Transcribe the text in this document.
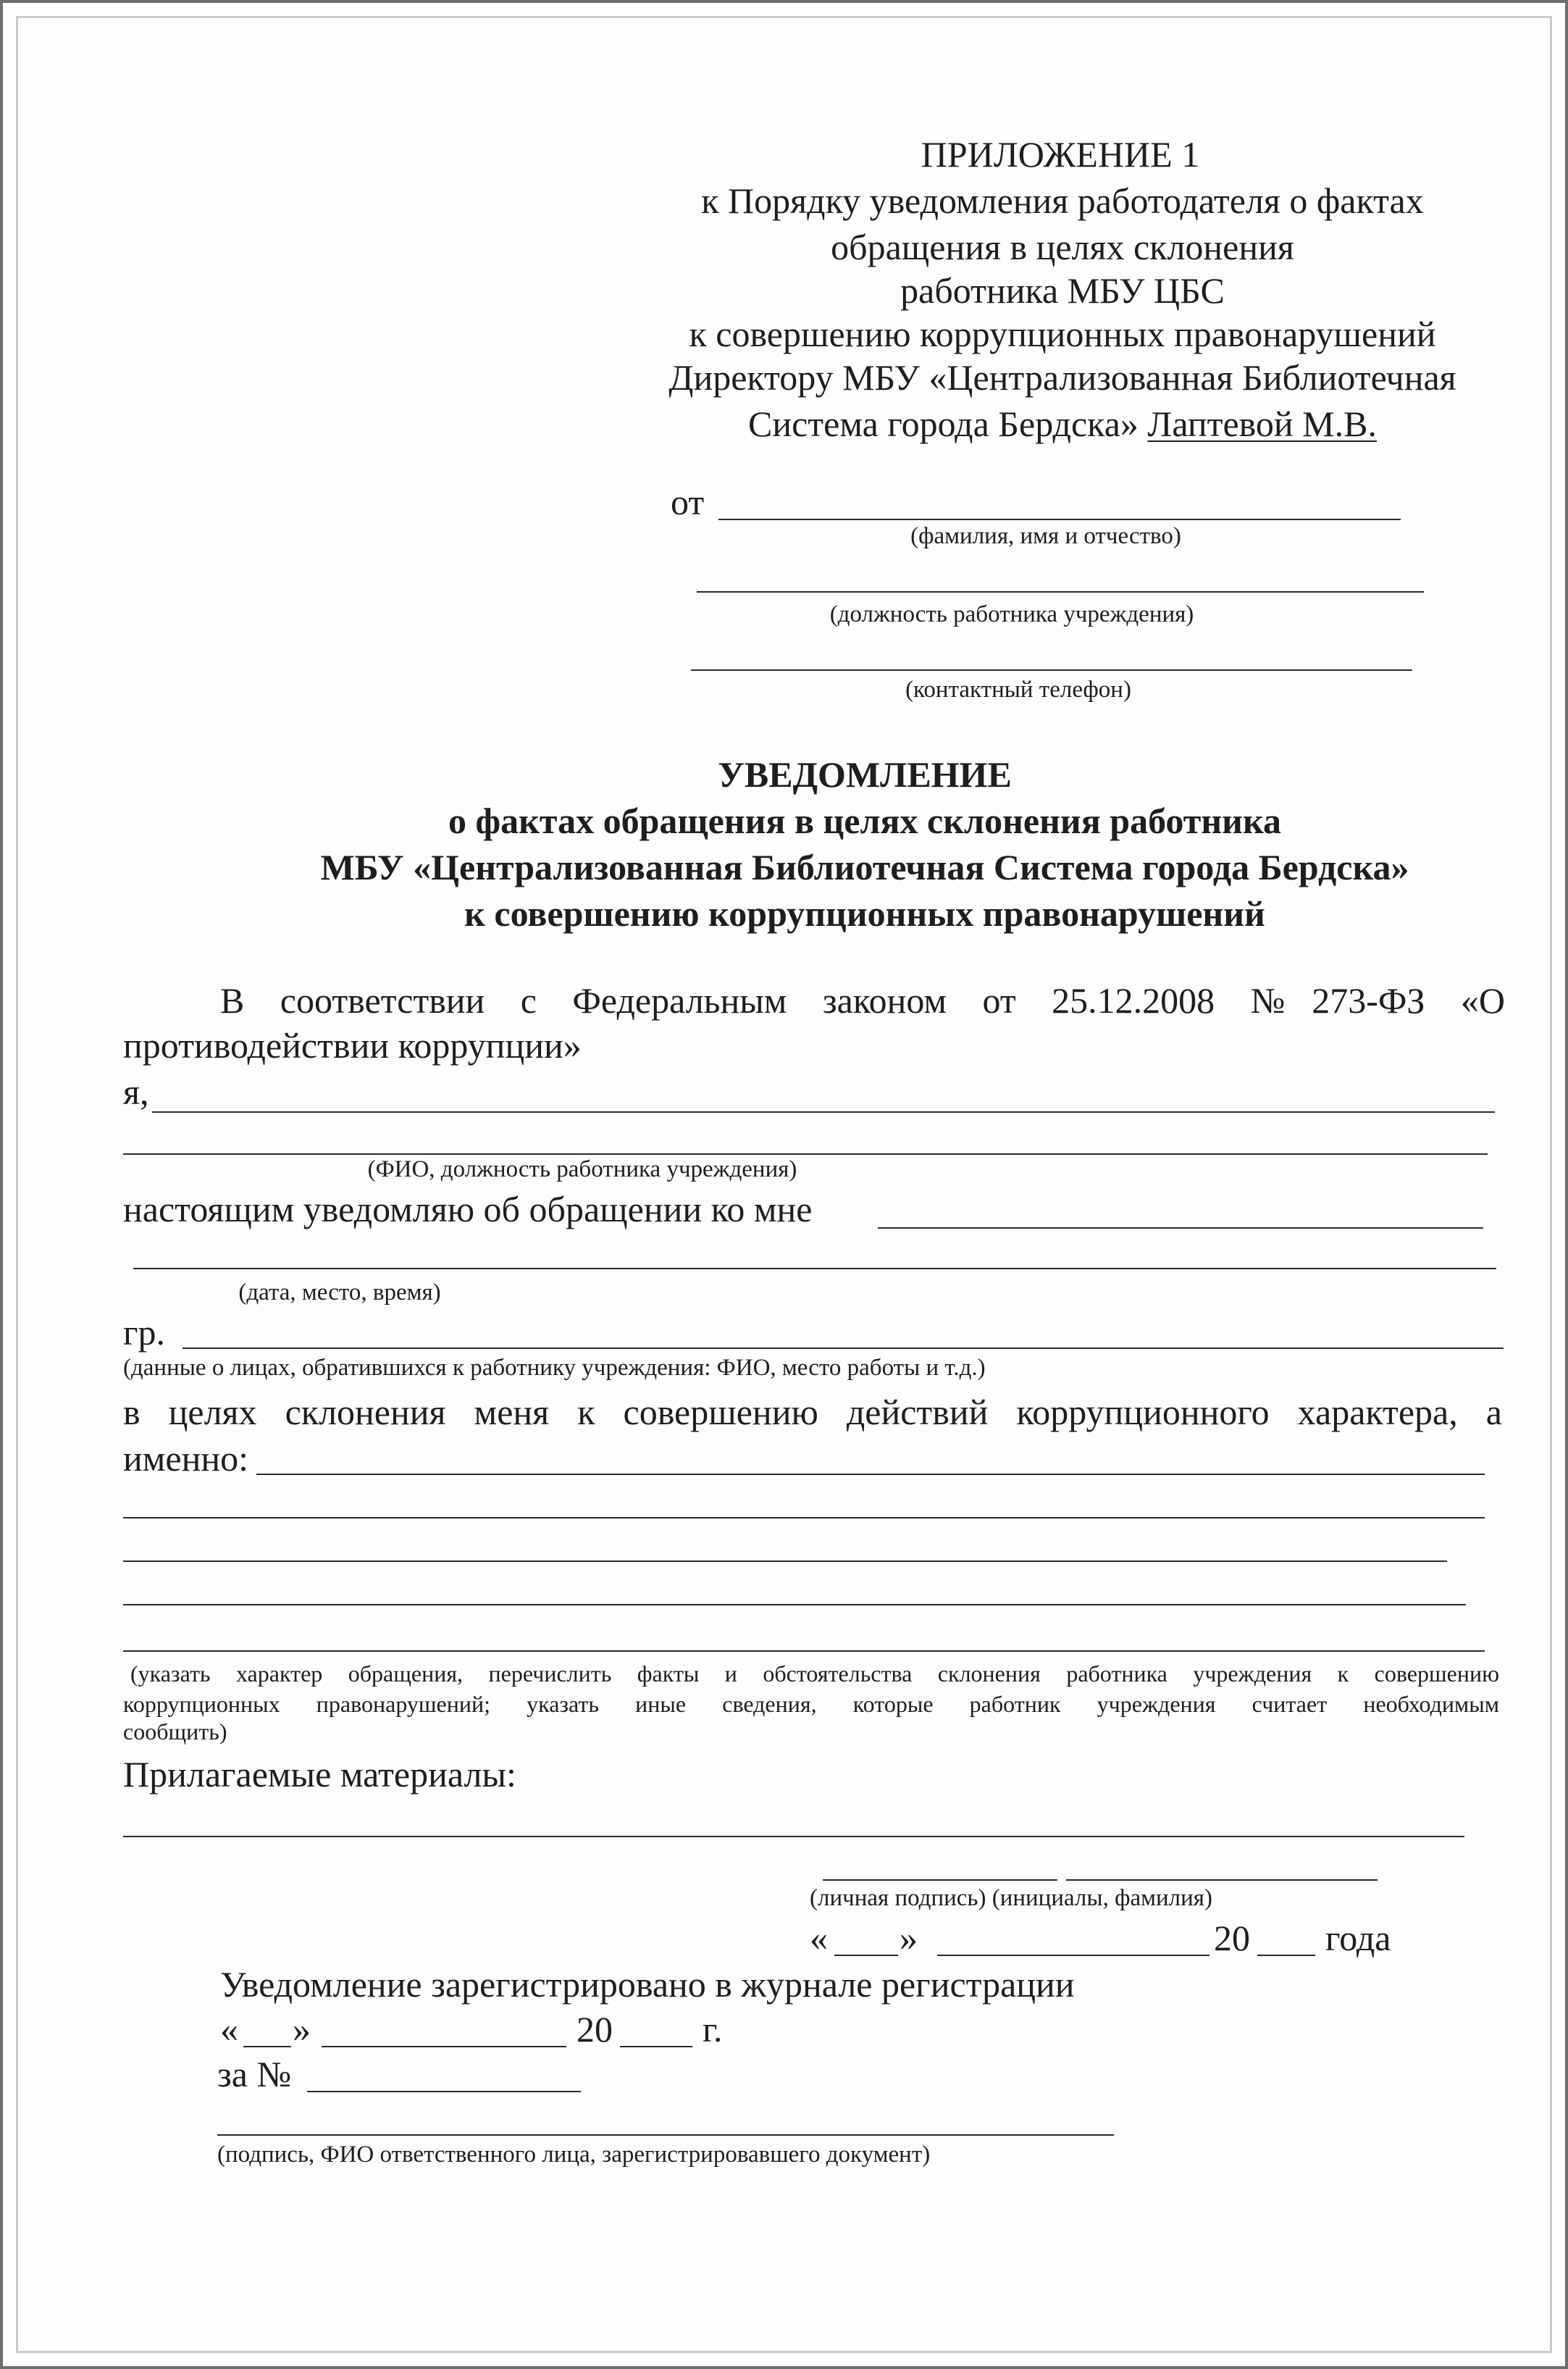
ПРИЛОЖЕНИЕ 1
к Порядку уведомления работодателя о фактах
обращения в целях склонения
работника МБУ ЦБС
к совершению коррупционных правонарушений
Директору МБУ «Централизованная Библиотечная
Система города Бердска» Лаптевой М.В.
от
(фамилия, имя и отчество)
(должность работника учреждения)
(контактный телефон)
УВЕДОМЛЕНИЕ
о фактах обращения в целях склонения работника
МБУ «Централизованная Библиотечная Система города Бердска»
к совершению коррупционных правонарушений
В соответствии с Федеральным законом от 25.12.2008 №273-ФЗ «О
противодействии коррупции»
я,
(ФИО, должность работника учреждения)
настоящим уведомляю об обращении ко мне
(дата, место, время)
гр.
(данные о лицах, обратившихся к работнику учреждения: ФИО, место работы и т.д.)
в целях склонения меня к совершению действий коррупционного характера, а
именно:
(указать характер обращения, перечислить факты и обстоятельства склонения работника учреждения к совершению
коррупционных правонарушений; указать иные сведения, которые работник учреждения считает необходимым
сообщить)
Прилагаемые материалы:
(личная подпись) (инициалы, фамилия)
« »	20 года
Уведомление зарегистрировано в журнале регистрации
« »	20 г.
за №
(подпись, ФИО ответственного лица, зарегистрировавшего документ)
